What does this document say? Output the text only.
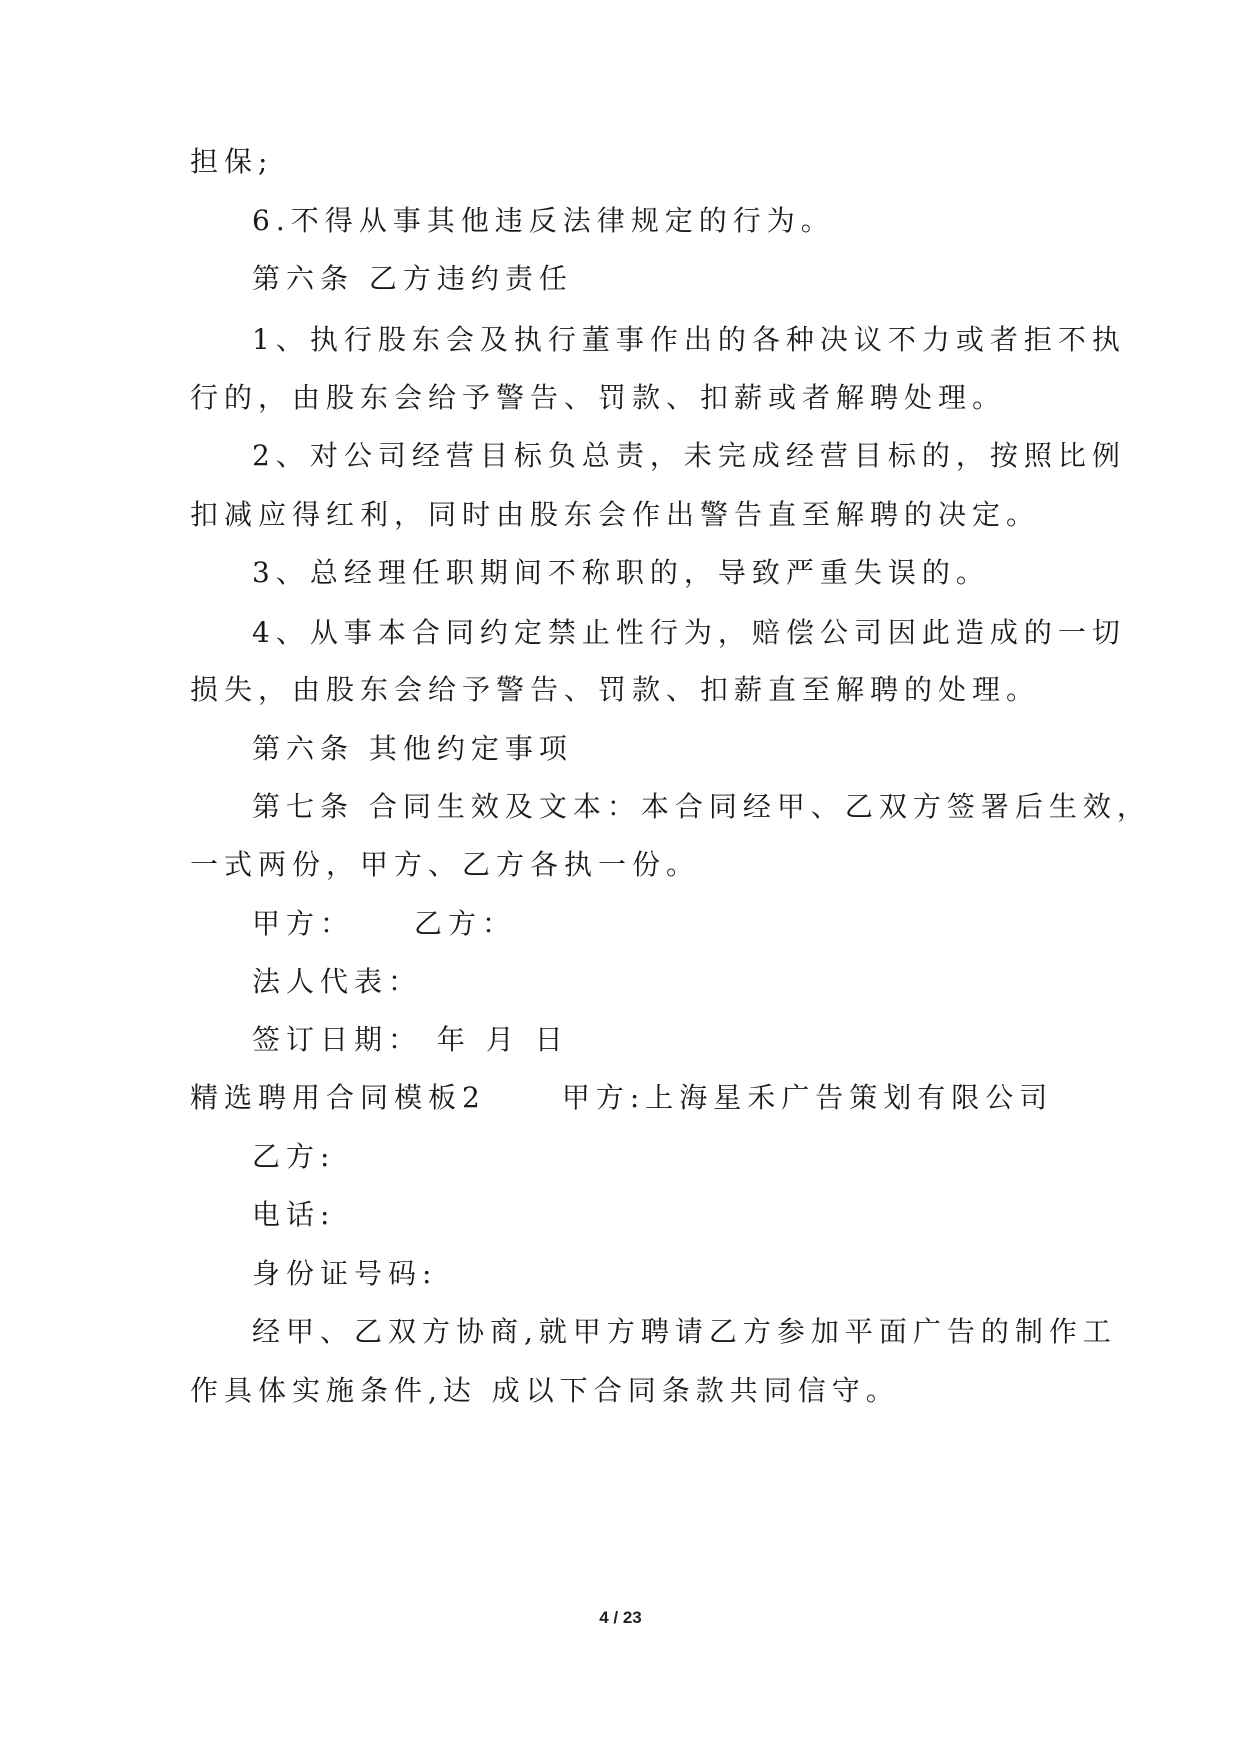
担保;
6.不得从事其他违反法律规定的行为。
第六条 乙方违约责任
1、执行股东会及执行董事作出的各种决议不力或者拒不执
行的，由股东会给予警告、罚款、扣薪或者解聘处理。
2、对公司经营目标负总责，未完成经营目标的，按照比例
扣减应得红利，同时由股东会作出警告直至解聘的决定。
3、总经理任职期间不称职的，导致严重失误的。
4、从事本合同约定禁止性行为，赔偿公司因此造成的一切
损失，由股东会给予警告、罚款、扣薪直至解聘的处理。
第六条 其他约定事项
第七条 合同生效及文本：本合同经甲、乙双方签署后生效，
一式两份，甲方、乙方各执一份。
甲方： 乙方：
法人代表：
签订日期： 年 月 日
精选聘用合同模板2	甲方:上海星禾广告策划有限公司
乙方:
电话:
身份证号码:
经甲、乙双方协商,就甲方聘请乙方参加平面广告的制作工
作具体实施条件,达 成以下合同条款共同信守。
4 / 23
